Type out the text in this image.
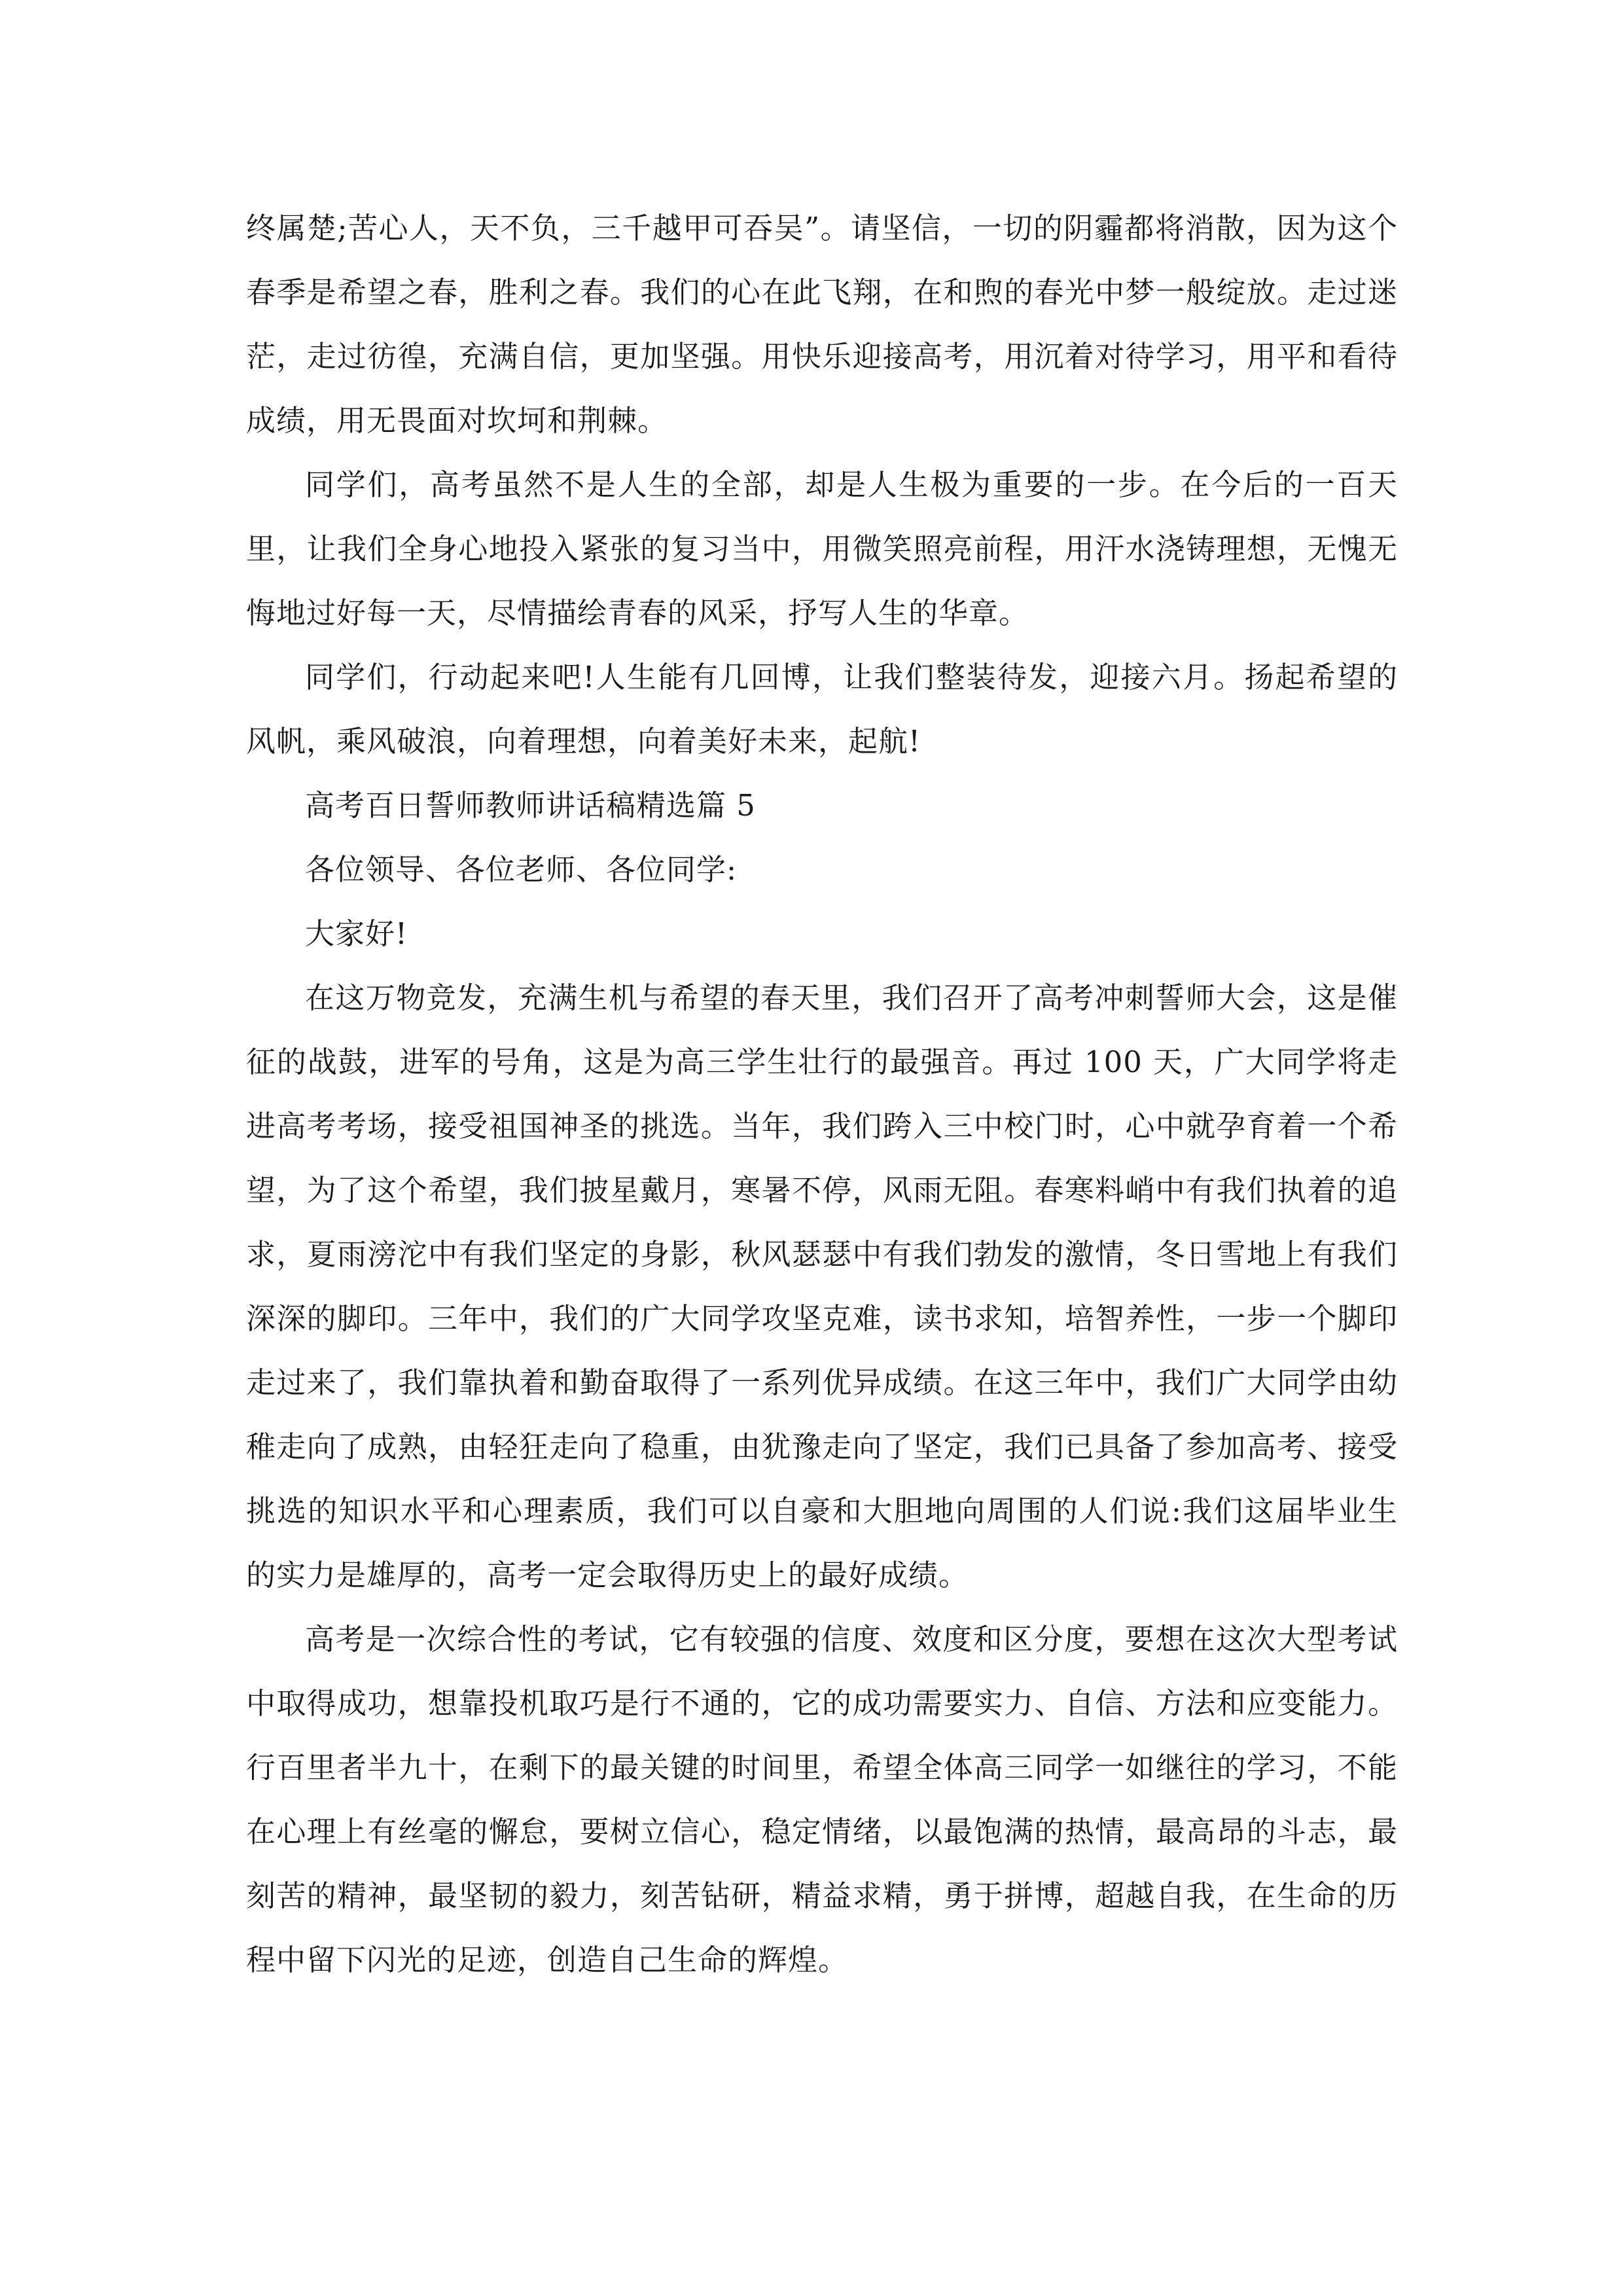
终属楚;苦心人，天不负，三千越甲可吞吴”。请坚信，一切的阴霾都将消散，因为这个春季是希望之春，胜利之春。我们的心在此飞翔，在和煦的春光中梦一般绽放。走过迷茫，走过彷徨，充满自信，更加坚强。用快乐迎接高考，用沉着对待学习，用平和看待成绩，用无畏面对坎坷和荆棘。

同学们，高考虽然不是人生的全部，却是人生极为重要的一步。在今后的一百天里，让我们全身心地投入紧张的复习当中，用微笑照亮前程，用汗水浇铸理想，无愧无悔地过好每一天，尽情描绘青春的风采，抒写人生的华章。

同学们，行动起来吧!人生能有几回博，让我们整装待发，迎接六月。扬起希望的风帆，乘风破浪，向着理想，向着美好未来，起航!

高考百日誓师教师讲话稿精选篇 5

各位领导、各位老师、各位同学:

大家好!

在这万物竞发，充满生机与希望的春天里，我们召开了高考冲刺誓师大会，这是催征的战鼓，进军的号角，这是为高三学生壮行的最强音。再过 100 天，广大同学将走进高考考场，接受祖国神圣的挑选。当年，我们跨入三中校门时，心中就孕育着一个希望，为了这个希望，我们披星戴月，寒暑不停，风雨无阻。春寒料峭中有我们执着的追求，夏雨滂沱中有我们坚定的身影，秋风瑟瑟中有我们勃发的激情，冬日雪地上有我们深深的脚印。三年中，我们的广大同学攻坚克难，读书求知，培智养性，一步一个脚印走过来了，我们靠执着和勤奋取得了一系列优异成绩。在这三年中，我们广大同学由幼稚走向了成熟，由轻狂走向了稳重，由犹豫走向了坚定，我们已具备了参加高考、接受挑选的知识水平和心理素质，我们可以自豪和大胆地向周围的人们说:我们这届毕业生的实力是雄厚的，高考一定会取得历史上的最好成绩。

高考是一次综合性的考试，它有较强的信度、效度和区分度，要想在这次大型考试中取得成功，想靠投机取巧是行不通的，它的成功需要实力、自信、方法和应变能力。行百里者半九十，在剩下的最关键的时间里，希望全体高三同学一如继往的学习，不能在心理上有丝毫的懈怠，要树立信心，稳定情绪，以最饱满的热情，最高昂的斗志，最刻苦的精神，最坚韧的毅力，刻苦钻研，精益求精，勇于拼博，超越自我，在生命的历程中留下闪光的足迹，创造自己生命的辉煌。
